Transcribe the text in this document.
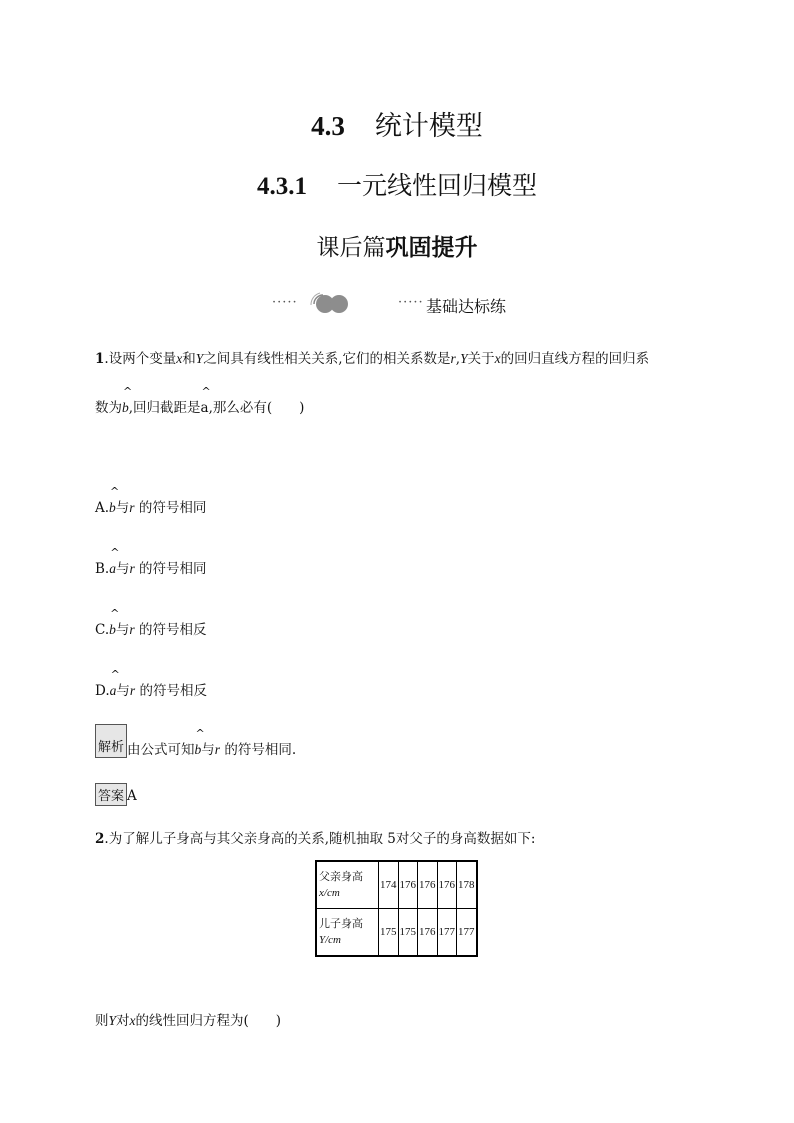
4.3 统计模型
4.3.1 一元线性回归模型
课后篇巩固提升
·····	····· 基础达标练
1.设两个变量x和Y之间具有线性相关关系,它们的相关系数是r,Y关于x的回归直线方程的回归系
数为
^
b,回归截距是
^
a,那么必有(　　)
A.
^
b与r 的符号相同
B.
^
a与r 的符号相同
C.
^
b与r 的符号相反
D.
^
a与r 的符号相反
解析 由公式可知
^
b与r 的符号相同.
答案 A
2.为了解儿子身高与其父亲身高的关系,随机抽取 5对父子的身高数据如下:
父亲身高
x/cm	174	176	176	176	178
儿子身高
Y/cm	175	175	176	177	177
则Y对x的线性回归方程为(　　)
